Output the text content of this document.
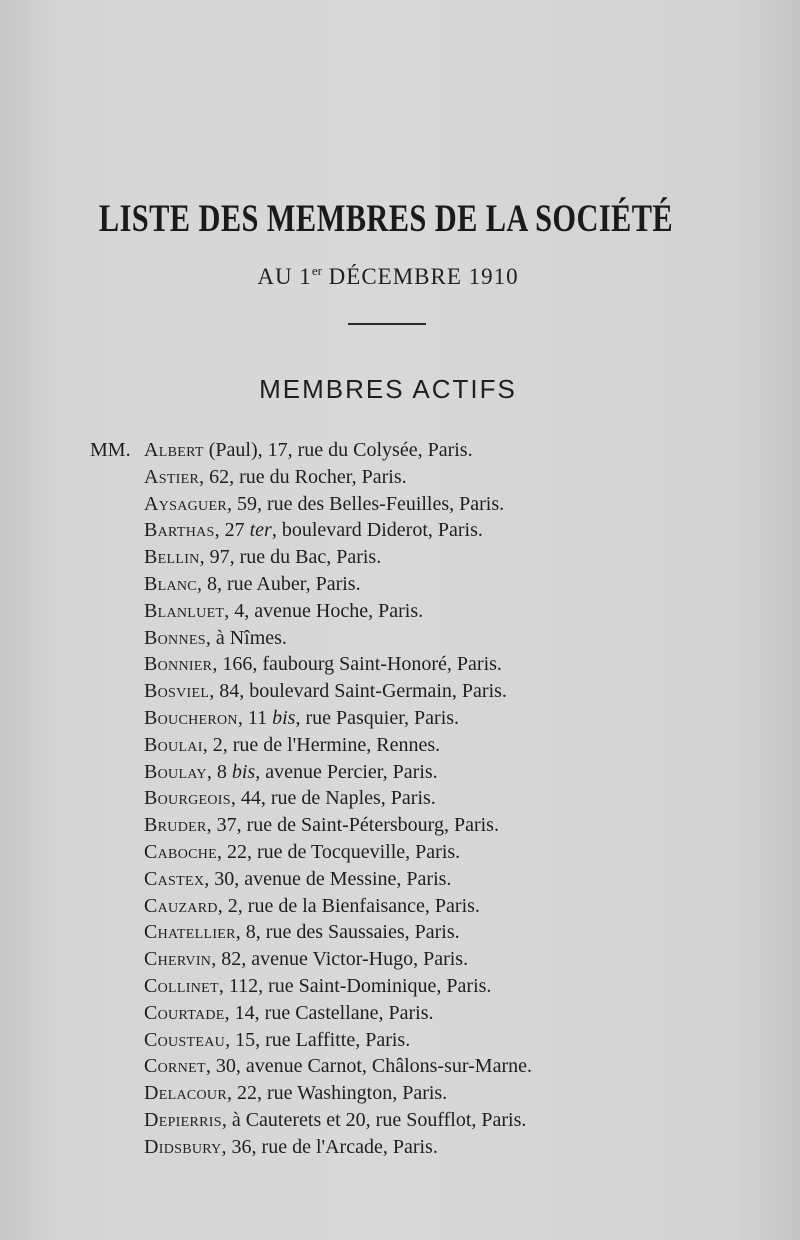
LISTE DES MEMBRES DE LA SOCIÉTÉ
AU 1er DÉCEMBRE 1910
MEMBRES ACTIFS
MM. Albert (Paul), 17, rue du Colysée, Paris.
Astier, 62, rue du Rocher, Paris.
Aysaguer, 59, rue des Belles-Feuilles, Paris.
Barthas, 27 ter, boulevard Diderot, Paris.
Bellin, 97, rue du Bac, Paris.
Blanc, 8, rue Auber, Paris.
Blanluet, 4, avenue Hoche, Paris.
Bonnes, à Nîmes.
Bonnier, 166, faubourg Saint-Honoré, Paris.
Bosviel, 84, boulevard Saint-Germain, Paris.
Boucheron, 11 bis, rue Pasquier, Paris.
Boulai, 2, rue de l'Hermine, Rennes.
Boulay, 8 bis, avenue Percier, Paris.
Bourgeois, 44, rue de Naples, Paris.
Bruder, 37, rue de Saint-Pétersbourg, Paris.
Caboche, 22, rue de Tocqueville, Paris.
Castex, 30, avenue de Messine, Paris.
Cauzard, 2, rue de la Bienfaisance, Paris.
Chatellier, 8, rue des Saussaies, Paris.
Chervin, 82, avenue Victor-Hugo, Paris.
Collinet, 112, rue Saint-Dominique, Paris.
Courtade, 14, rue Castellane, Paris.
Cousteau, 15, rue Laffitte, Paris.
Cornet, 30, avenue Carnot, Châlons-sur-Marne.
Delacour, 22, rue Washington, Paris.
Depierris, à Cauterets et 20, rue Soufflot, Paris.
Didsbury, 36, rue de l'Arcade, Paris.
